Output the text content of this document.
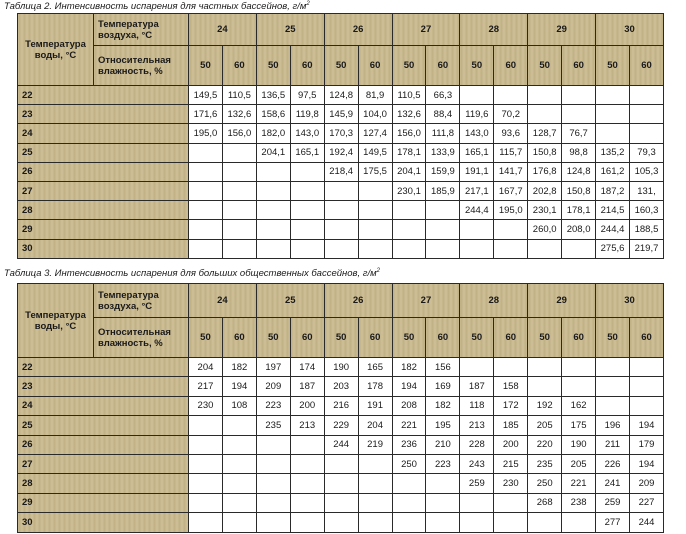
Таблица 2. Интенсивность испарения для частных бассейнов, $г/м^2$
Температура воды, °С	Температура воздуха, °С	24		25		26		27		28		29		30	
	Относительная влажность, %	50	60	50	60	50	60	50	60	50	60	50	60	50	60
22		149,5	110,5	136,5	97,5	124,8	81,9	110,5	66,3						
23		171,6	132,6	158,6	119,8	145,9	104,0	132,6	88,4	119,6	70,2				
24		195,0	156,0	182,0	143,0	170,3	127,4	156,0	111,8	143,0	93,6	128,7	76,7		
25				204,1	165,1	192,4	149,5	178,1	133,9	165,1	115,7	150,8	98,8	135,2	79,3
26						218,4	175,5	204,1	159,9	191,1	141,7	176,8	124,8	161,2	105,3
27								230,1	185,9	217,1	167,7	202,8	150,8	187,2	131,
28										244,4	195,0	230,1	178,1	214,5	160,3
29												260,0	208,0	244,4	188,5
30														275,6	219,7
Таблица 3. Интенсивность испарения для больших общественных бассейнов, $г/м^2$
Температура воды, °С	Температура воздуха, °С	24		25		26		27		28		29		30	
	Относительная влажность, %	50	60	50	60	50	60	50	60	50	60	50	60	50	60
22		204	182	197	174	190	165	182	156						
23		217	194	209	187	203	178	194	169	187	158				
24		230	108	223	200	216	191	208	182	118	172	192	162		
25				235	213	229	204	221	195	213	185	205	175	196	194
26						244	219	236	210	228	200	220	190	211	179
27								250	223	243	215	235	205	226	194
28										259	230	250	221	241	209
29												268	238	259	227
30														277	244
